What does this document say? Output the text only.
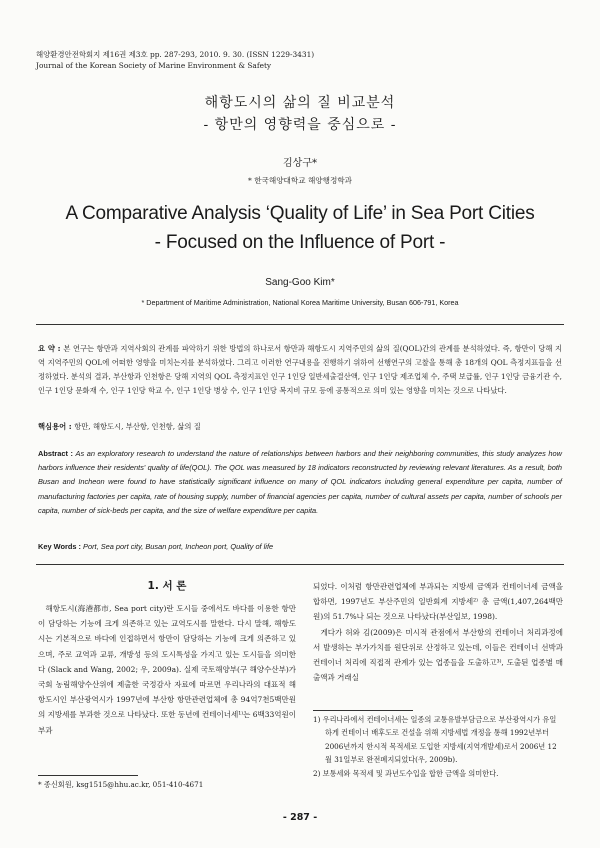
해양환경안전학회지 제16권 제3호 pp. 287-293, 2010. 9. 30. (ISSN 1229-3431)
Journal of the Korean Society of Marine Environment & Safety
해항도시의 삶의 질 비교분석
- 항만의 영향력을 중심으로 -
김상구*
* 한국해양대학교 해양행정학과
A Comparative Analysis ‘Quality of Life’ in Sea Port Cities
- Focused on the Influence of Port -
Sang-Goo Kim*
* Department of Maritime Administration, National Korea Maritime University, Busan 606-791, Korea
요 약 : 본 연구는 항만과 지역사회의 관계를 파악하기 위한 방법의 하나로서 항만과 해항도시 지역주민의 삶의 질(QOL)간의 관계를 분석하였다. 즉, 항만이 당해 지역 지역주민의 QOL에 어떠한 영향을 미치는지를 분석하였다. 그리고 이러한 연구내용을 진행하기 위하여 선행연구의 고찰을 통해 총 18개의 QOL 측정지표들을 선정하였다. 분석의 결과, 부산항과 인천항은 당해 지역의 QOL 측정지표인 인구 1인당 일반세출결산액, 인구 1인당 제조업체 수, 주택 보급률, 인구 1인당 금융기관 수, 인구 1인당 문화재 수, 인구 1인당 학교 수, 인구 1인당 병상 수, 인구 1인당 복지비 규모 등에 공통적으로 의미 있는 영향을 미치는 것으로 나타났다.
핵심용어 : 항만, 해항도시, 부산항, 인천항, 삶의 질
Abstract : As an exploratory research to understand the nature of relationships between harbors and their neighboring communities, this study analyzes how harbors influence their residents' quality of life(QOL). The QOL was measured by 18 indicators reconstructed by reviewing relevant literatures. As a result, both Busan and Incheon were found to have statistically significant influence on many of QOL indicators including general expenditure per capita, number of manufacturing factories per capita, rate of housing supply, number of financial agencies per capita, number of cultural assets per capita, number of schools per capita, number of sick-beds per capita, and the size of welfare expenditure per capita.
Key Words : Port, Sea port city, Busan port, Incheon port, Quality of life
1. 서 론
해항도시(海港都市, Sea port city)란 도시들 중에서도 바다를 이용한 항만이 담당하는 기능에 크게 의존하고 있는 교역도시를 말한다. 다시 말해, 해항도시는 기본적으로 바다에 인접하면서 항만이 담당하는 기능에 크게 의존하고 있으며, 주로 교역과 교류, 개방성 등의 도시특성을 가지고 있는 도시들을 의미한다 (Slack and Wang, 2002; 우, 2009a). 실제 국토해양부(구 해양수산부)가 국회 농림해양수산위에 제출한 국정감사 자료에 따르면 우리나라의 대표적 해항도시인 부산광역시가 1997년에 부산항 항만관련업체에 총 94억7천5백만원의 지방세를 부과한 것으로 나타났다. 또한 동년에 컨테이너세¹⁾는 6백33억원이 부과

되었다. 이처럼 항만관련업체에 부과되는 지방세 금액과 컨테이너세 금액을 합하면, 1997년도 부산주민의 일반회계 지방세²⁾ 총 금액(1,407,264백만원)의 51.7%나 되는 것으로 나타났다(부산일보, 1998).

게다가 허와 김(2009)은 미시적 관점에서 부산항의 컨테이너 처리과정에서 발생하는 부가가치를 원단위로 산정하고 있는데, 이들은 컨테이너 선박과 컨테이너 처리에 직접적 관계가 있는 업종들을 도출하고³⁾, 도출된 업종별 매출액과 거래실

* 종신회원, ksg1515@hhu.ac.kr, 051-410-4671
1) 우리나라에서 컨테이너세는 일종의 교통유발부담금으로 부산광역시가 유일하게 컨테이너 배후도로 건설을 위해 지방세법 개정을 통해 1992년부터 2006년까지 한시적 목적세로 도입한 지방세(지역개발세)로서 2006년 12월 31일부로 완전폐지되었다(우, 2009b).
2) 보통세와 목적세 및 과년도수입을 합한 금액을 의미한다.
- 287 -
